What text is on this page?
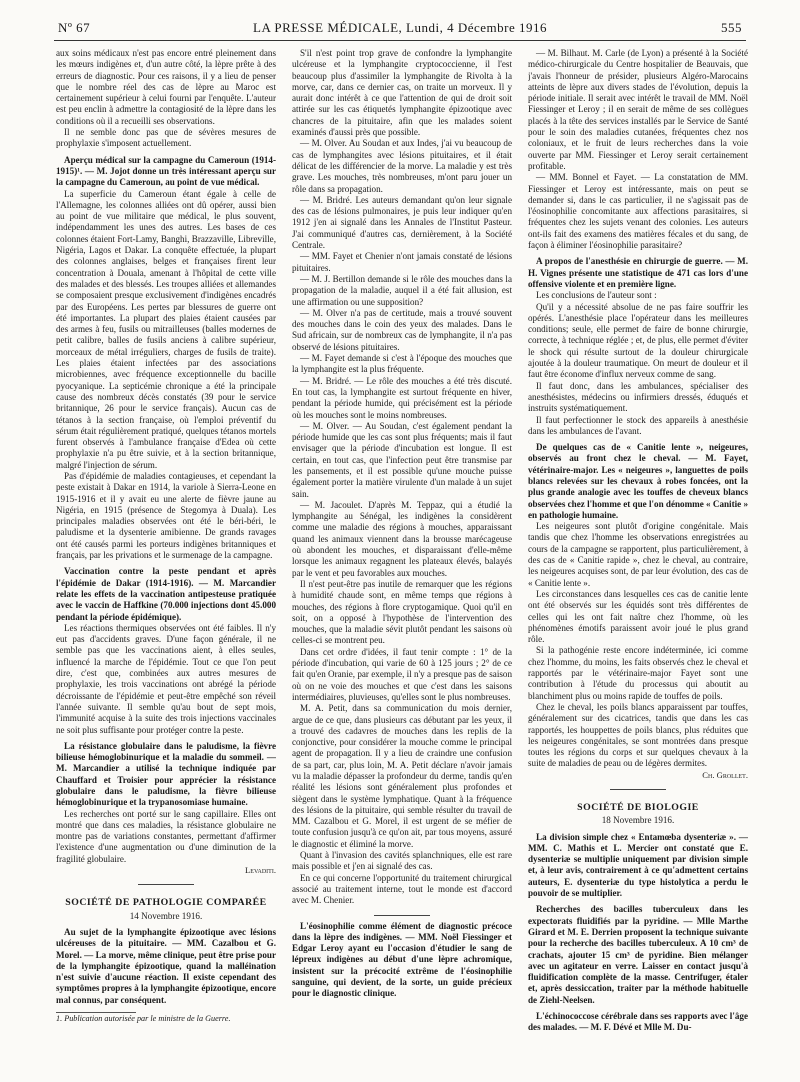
Nº 67	LA PRESSE MÉDICALE, Lundi, 4 Décembre 1916	555

aux soins médicaux n'est pas encore entré pleinement dans les mœurs indigènes et, d'un autre côté, la lèpre prête à des erreurs de diagnostic. Pour ces raisons, il y a lieu de penser que le nombre réel des cas de lèpre au Maroc est certainement supérieur à celui fourni par l'enquête. L'auteur est peu enclin à admettre la contagiosité de la lèpre dans les conditions où il a recueilli ses observations.

Il ne semble donc pas que de sévères mesures de prophylaxie s'imposent actuellement.

Aperçu médical sur la campagne du Cameroun (1914-1915)¹. — M. Jojot donne un très intéressant aperçu sur la campagne du Cameroun, au point de vue médical.

La superficie du Cameroun étant égale à celle de l'Allemagne, les colonnes alliées ont dû opérer, aussi bien au point de vue militaire que médical, le plus souvent, indépendamment les unes des autres. Les bases de ces colonnes étaient Fort-Lamy, Banghi, Brazzaville, Libreville, Nigéria, Lagos et Dakar. La conquête effectuée, la plupart des colonnes anglaises, belges et françaises firent leur concentration à Douala, amenant à l'hôpital de cette ville des malades et des blessés. Les troupes alliées et allemandes se composaient presque exclusivement d'indigènes encadrés par des Européens. Les pertes par blessures de guerre ont été importantes. La plupart des plaies étaient causées par des armes à feu, fusils ou mitrailleuses (balles modernes de petit calibre, balles de fusils anciens à calibre supérieur, morceaux de métal irréguliers, charges de fusils de traite). Les plaies étaient infectées par des associations microbiennes, avec fréquence exceptionnelle du bacille pyocyanique. La septicémie chronique a été la principale cause des nombreux décès constatés (39 pour le service britannique, 26 pour le service français). Aucun cas de tétanos à la section française, où l'emploi préventif du sérum était régulièrement pratiqué, quelques tétanos mortels furent observés à l'ambulance française d'Edea où cette prophylaxie n'a pu être suivie, et à la section britannique, malgré l'injection de sérum.

Pas d'épidémie de maladies contagieuses, et cependant la peste existait à Dakar en 1914, la variole à Sierra-Leone en 1915-1916 et il y avait eu une alerte de fièvre jaune au Nigéria, en 1915 (présence de Stegomya à Duala). Les principales maladies observées ont été le béri-béri, le paludisme et la dysenterie amibienne. De grands ravages ont été causés parmi les porteurs indigènes britanniques et français, par les privations et le surmenage de la campagne.

Vaccination contre la peste pendant et après l'épidémie de Dakar (1914-1916). — M. Marcandier relate les effets de la vaccination antipesteuse pratiquée avec le vaccin de Haffkine (70.000 injections dont 45.000 pendant la période épidémique).

Les réactions thermiques observées ont été faibles. Il n'y eut pas d'accidents graves. D'une façon générale, il ne semble pas que les vaccinations aient, à elles seules, influencé la marche de l'épidémie. Tout ce que l'on peut dire, c'est que, combinées aux autres mesures de prophylaxie, les trois vaccinations ont abrégé la période décroissante de l'épidémie et peut-être empêché son réveil l'année suivante. Il semble qu'au bout de sept mois, l'immunité acquise à la suite des trois injections vaccinales ne soit plus suffisante pour protéger contre la peste.

La résistance globulaire dans le paludisme, la fièvre bilieuse hémoglobinurique et la maladie du sommeil. — M. Marcandier a utilisé la technique indiquée par Chauffard et Troisier pour apprécier la résistance globulaire dans le paludisme, la fièvre bilieuse hémoglobinurique et la trypanosomiase humaine.

Les recherches ont porté sur le sang capillaire. Elles ont montré que dans ces maladies, la résistance globulaire ne montre pas de variations constantes, permettant d'affirmer l'existence d'une augmentation ou d'une diminution de la fragilité globulaire.

Levaditi.
SOCIÉTÉ DE PATHOLOGIE COMPARÉE
14 Novembre 1916.

Au sujet de la lymphangite épizootique avec lésions ulcéreuses de la pituitaire. — MM. Cazalbou et G. Morel. — La morve, même clinique, peut être prise pour de la lymphangite épizootique, quand la malléination n'est suivie d'aucune réaction. Il existe cependant des symptômes propres à la lymphangite épizootique, encore mal connus, par conséquent.

1. Publication autorisée par le ministre de la Guerre.

S'il n'est point trop grave de confondre la lymphangite ulcéreuse et la lymphangite cryptococcienne, il l'est beaucoup plus d'assimiler la lymphangite de Rivolta à la morve, car, dans ce dernier cas, on traite un morveux. Il y aurait donc intérêt à ce que l'attention de qui de droit soit attirée sur les cas étiquetés lymphangite épizootique avec chancres de la pituitaire, afin que les malades soient examinés d'aussi près que possible.

— M. Olver. Au Soudan et aux Indes, j'ai vu beaucoup de cas de lymphangites avec lésions pituitaires, et il était délicat de les différencier de la morve. La maladie y est très grave. Les mouches, très nombreuses, m'ont paru jouer un rôle dans sa propagation.

— M. Bridré. Les auteurs demandant qu'on leur signale des cas de lésions pulmonaires, je puis leur indiquer qu'en 1912 j'en ai signalé dans les Annales de l'Institut Pasteur. J'ai communiqué d'autres cas, dernièrement, à la Société Centrale.

— MM. Fayet et Chenier n'ont jamais constaté de lésions pituitaires.

— M. J. Bertillon demande si le rôle des mouches dans la propagation de la maladie, auquel il a été fait allusion, est une affirmation ou une supposition?

— M. Olver n'a pas de certitude, mais a trouvé souvent des mouches dans le coin des yeux des malades. Dans le Sud africain, sur de nombreux cas de lymphangite, il n'a pas observé de lésions pituitaires.

— M. Fayet demande si c'est à l'époque des mouches que la lymphangite est la plus fréquente.

— M. Bridré. — Le rôle des mouches a été très discuté. En tout cas, la lymphangite est surtout fréquente en hiver, pendant la période humide, qui précisément est la période où les mouches sont le moins nombreuses.

— M. Olver. — Au Soudan, c'est également pendant la période humide que les cas sont plus fréquents; mais il faut envisager que la période d'incubation est longue. Il est certain, en tout cas, que l'infection peut être transmise par les pansements, et il est possible qu'une mouche puisse également porter la matière virulente d'un malade à un sujet sain.

— M. Jacoulet. D'après M. Teppaz, qui a étudié la lymphangite au Sénégal, les indigènes la considèrent comme une maladie des régions à mouches, apparaissant quand les animaux viennent dans la brousse marécageuse où abondent les mouches, et disparaissant d'elle-même lorsque les animaux regagnent les plateaux élevés, balayés par le vent et peu favorables aux mouches.

Il n'est peut-être pas inutile de remarquer que les régions à humidité chaude sont, en même temps que régions à mouches, des régions à flore cryptogamique. Quoi qu'il en soit, on a opposé à l'hypothèse de l'intervention des mouches, que la maladie sévit plutôt pendant les saisons où celles-ci se montrent peu.

Dans cet ordre d'idées, il faut tenir compte : 1° de la période d'incubation, qui varie de 60 à 125 jours ; 2° de ce fait qu'en Oranie, par exemple, il n'y a presque pas de saison où on ne voie des mouches et que c'est dans les saisons intermédiaires, pluvieuses, qu'elles sont le plus nombreuses.

M. A. Petit, dans sa communication du mois dernier, argue de ce que, dans plusieurs cas débutant par les yeux, il a trouvé des cadavres de mouches dans les replis de la conjonctive, pour considérer la mouche comme le principal agent de propagation. Il y a lieu de craindre une confusion de sa part, car, plus loin, M. A. Petit déclare n'avoir jamais vu la maladie dépasser la profondeur du derme, tandis qu'en réalité les lésions sont généralement plus profondes et siègent dans le système lymphatique. Quant à la fréquence des lésions de la pituitaire, qui semble résulter du travail de MM. Cazalbou et G. Morel, il est urgent de se méfier de toute confusion jusqu'à ce qu'on ait, par tous moyens, assuré le diagnostic et éliminé la morve.

Quant à l'invasion des cavités splanchniques, elle est rare mais possible et j'en ai signalé des cas.

En ce qui concerne l'opportunité du traitement chirurgical associé au traitement interne, tout le monde est d'accord avec M. Chenier.

L'éosinophilie comme élément de diagnostic précoce dans la lèpre des indigènes. — MM. Noël Fiessinger et Edgar Leroy ayant eu l'occasion d'étudier le sang de lépreux indigènes au début d'une lèpre achromique, insistent sur la précocité extrême de l'éosinophilie sanguine, qui devient, de la sorte, un guide précieux pour le diagnostic clinique.

— M. Bilhaut. M. Carle (de Lyon) a présenté à la Société médico-chirurgicale du Centre hospitalier de Beauvais, que j'avais l'honneur de présider, plusieurs Algéro-Marocains atteints de lèpre aux divers stades de l'évolution, depuis la période initiale. Il serait avec intérêt le travail de MM. Noël Fiessinger et Leroy ; il en serait de même de ses collègues placés à la tête des services installés par le Service de Santé pour le soin des maladies cutanées, fréquentes chez nos coloniaux, et le fruit de leurs recherches dans la voie ouverte par MM. Fiessinger et Leroy serait certainement profitable.

— MM. Bonnel et Fayet. — La constatation de MM. Fiessinger et Leroy est intéressante, mais on peut se demander si, dans le cas particulier, il ne s'agissait pas de l'éosinophilie concomitante aux affections parasitaires, si fréquentes chez les sujets venant des colonies. Les auteurs ont-ils fait des examens des matières fécales et du sang, de façon à éliminer l'éosinophilie parasitaire?

A propos de l'anesthésie en chirurgie de guerre. — M. H. Vignes présente une statistique de 471 cas lors d'une offensive violente et en première ligne.

Les conclusions de l'auteur sont :

Qu'il y a nécessité absolue de ne pas faire souffrir les opérés. L'anesthésie place l'opérateur dans les meilleures conditions; seule, elle permet de faire de bonne chirurgie, correcte, à technique réglée ; et, de plus, elle permet d'éviter le shock qui résulte surtout de la douleur chirurgicale ajoutée à la douleur traumatique. On meurt de douleur et il faut être économe d'influx nerveux comme de sang.

Il faut donc, dans les ambulances, spécialiser des anesthésistes, médecins ou infirmiers dressés, éduqués et instruits systématiquement.

Il faut perfectionner le stock des appareils à anesthésie dans les ambulances de l'avant.

De quelques cas de « Canitie lente », neigeures, observés au front chez le cheval. — M. Fayet, vétérinaire-major. Les « neigeures », languettes de poils blancs relevées sur les chevaux à robes foncées, ont la plus grande analogie avec les touffes de cheveux blancs observées chez l'homme et que l'on dénomme « Canitie » en pathologie humaine.

Les neigeures sont plutôt d'origine congénitale. Mais tandis que chez l'homme les observations enregistrées au cours de la campagne se rapportent, plus particulièrement, à des cas de « Canitie rapide », chez le cheval, au contraire, les neigeures acquises sont, de par leur évolution, des cas de « Canitie lente ».

Les circonstances dans lesquelles ces cas de canitie lente ont été observés sur les équidés sont très différentes de celles qui les ont fait naître chez l'homme, où les phénomènes émotifs paraissent avoir joué le plus grand rôle.

Si la pathogénie reste encore indéterminée, ici comme chez l'homme, du moins, les faits observés chez le cheval et rapportés par le vétérinaire-major Fayet sont une contribution à l'étude du processus qui aboutit au blanchiment plus ou moins rapide de touffes de poils.

Chez le cheval, les poils blancs apparaissent par touffes, généralement sur des cicatrices, tandis que dans les cas rapportés, les houppettes de poils blancs, plus réduites que les neigeures congénitales, se sont montrées dans presque toutes les régions du corps et sur quelques chevaux à la suite de maladies de peau ou de légères dermites.

Ch. Grollet.
SOCIÉTÉ DE BIOLOGIE
18 Novembre 1916.

La division simple chez « Entamœba dysenteriæ ». — MM. C. Mathis et L. Mercier ont constaté que E. dysenteriæ se multiplie uniquement par division simple et, à leur avis, contrairement à ce qu'admettent certains auteurs, E. dysenteriæ du type histolytica a perdu le pouvoir de se multiplier.

Recherches des bacilles tuberculeux dans les expectorats fluidifiés par la pyridine. — Mlle Marthe Girard et M. E. Derrien proposent la technique suivante pour la recherche des bacilles tuberculeux. A 10 cm³ de crachats, ajouter 15 cm³ de pyridine. Bien mélanger avec un agitateur en verre. Laisser en contact jusqu'à fluidification complète de la masse. Centrifuger, étaler et, après dessiccation, traiter par la méthode habituelle de Ziehl-Neelsen.

L'échinococcose cérébrale dans ses rapports avec l'âge des malades. — M. F. Dévé et Mlle M. Du-
